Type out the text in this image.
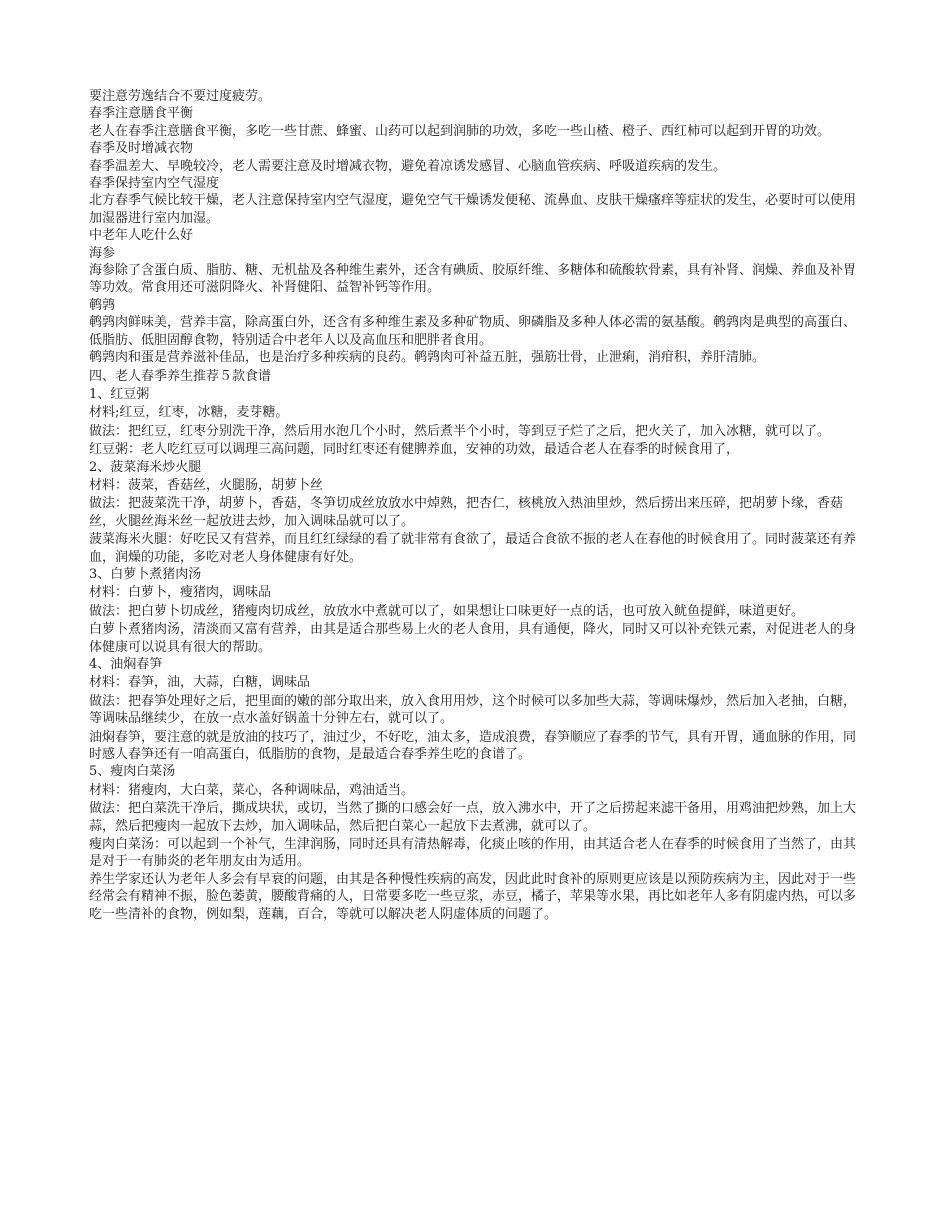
要注意劳逸结合不要过度疲劳。

春季注意膳食平衡

老人在春季注意膳食平衡，多吃一些甘蔗、蜂蜜、山药可以起到润肺的功效，多吃一些山楂、橙子、西红柿可以起到开胃的功效。

春季及时增减衣物

春季温差大、早晚较冷，老人需要注意及时增减衣物，避免着凉诱发感冒、心脑血管疾病、呼吸道疾病的发生。

春季保持室内空气湿度

北方春季气候比较干燥，老人注意保持室内空气湿度，避免空气干燥诱发便秘、流鼻血、皮肤干燥瘙痒等症状的发生，必要时可以使用加湿器进行室内加湿。

中老年人吃什么好

海参

海参除了含蛋白质、脂肪、糖、无机盐及各种维生素外，还含有碘质、胶原纤维、多糖体和硫酸软骨素，具有补肾、润燥、养血及补胃等功效。常食用还可滋阴降火、补肾健阳、益智补钙等作用。

鹌鹑

鹌鹑肉鲜味美，营养丰富，除高蛋白外，还含有多种维生素及多种矿物质、卵磷脂及多种人体必需的氨基酸。鹌鹑肉是典型的高蛋白、低脂肪、低胆固醇食物，特别适合中老年人以及高血压和肥胖者食用。

鹌鹑肉和蛋是营养滋补佳品，也是治疗多种疾病的良药。鹌鹑肉可补益五脏，强筋壮骨，止泄痢，消疳积，养肝清肺。

四、老人春季养生推荐５款食谱

1、红豆粥

材料;红豆，红枣，冰糖，麦芽糖。

做法：把红豆，红枣分别洗干净，然后用水泡几个小时，然后煮半个小时，等到豆子烂了之后，把火关了，加入冰糖，就可以了。

红豆粥：老人吃红豆可以调理三高问题，同时红枣还有健脾养血，安神的功效，最适合老人在春季的时候食用了，

2、菠菜海米炒火腿

材料：菠菜，香菇丝，火腿肠，胡萝卜丝

做法：把菠菜洗干净，胡萝卜，香菇，冬笋切成丝放放水中焯熟，把杏仁，核桃放入热油里炒，然后捞出来压碎，把胡萝卜缘，香菇丝，火腿丝海米丝一起放进去炒，加入调味品就可以了。

菠菜海米火腿：好吃民又有营养，而且红红绿绿的看了就非常有食欲了，最适合食欲不振的老人在春他的时候食用了。同时菠菜还有养血，润燥的功能，多吃对老人身体健康有好处。

3、白萝卜煮猪肉汤

材料：白萝卜，瘦猪肉，调味品

做法：把白萝卜切成丝，猪瘦肉切成丝，放放水中煮就可以了，如果想让口味更好一点的话，也可放入鱿鱼提鲜，味道更好。

白萝卜煮猪肉汤，清淡而又富有营养，由其是适合那些易上火的老人食用，具有通便，降火，同时又可以补充铁元素，对促进老人的身体健康可以说具有很大的帮助。

4、油焖春笋

材料：春笋，油，大蒜，白糖，调味品

做法：把春笋处理好之后，把里面的嫩的部分取出来，放入食用用炒，这个时候可以多加些大蒜，等调味爆炒，然后加入老抽，白糖，等调味品继续少，在放一点水盖好锅盖十分钟左右，就可以了。

油焖春笋，要注意的就是放油的技巧了，油过少，不好吃，油太多，造成浪费，春笋顺应了春季的节气，具有开胃，通血脉的作用，同时感人春笋还有一咱高蛋白，低脂肪的食物，是最适合春季养生吃的食谱了。

5、瘦肉白菜汤

材料：猪瘦肉，大白菜，菜心，各种调味品，鸡油适当。

做法：把白菜洗干净后，撕成块状，或切，当然了撕的口感会好一点，放入沸水中，开了之后捞起来滤干备用，用鸡油把炒熟，加上大蒜，然后把瘦肉一起放下去炒，加入调味品，然后把白菜心一起放下去煮沸，就可以了。

瘦肉白菜汤：可以起到一个补气，生津润肠，同时还具有清热解毒，化痰止咳的作用，由其适合老人在春季的时候食用了当然了，由其是对于一有肺炎的老年朋友由为适用。

养生学家还认为老年人多会有早衰的问题，由其是各种慢性疾病的高发，因此此时食补的原则更应该是以预防疾病为主，因此对于一些经常会有精神不振，脸色萎黄，腰酸背痛的人，日常要多吃一些豆浆，赤豆，橘子，苹果等水果，再比如老年人多有阴虚内热，可以多吃一些清补的食物，例如梨，莲藕，百合，等就可以解决老人阴虚体质的问题了。
